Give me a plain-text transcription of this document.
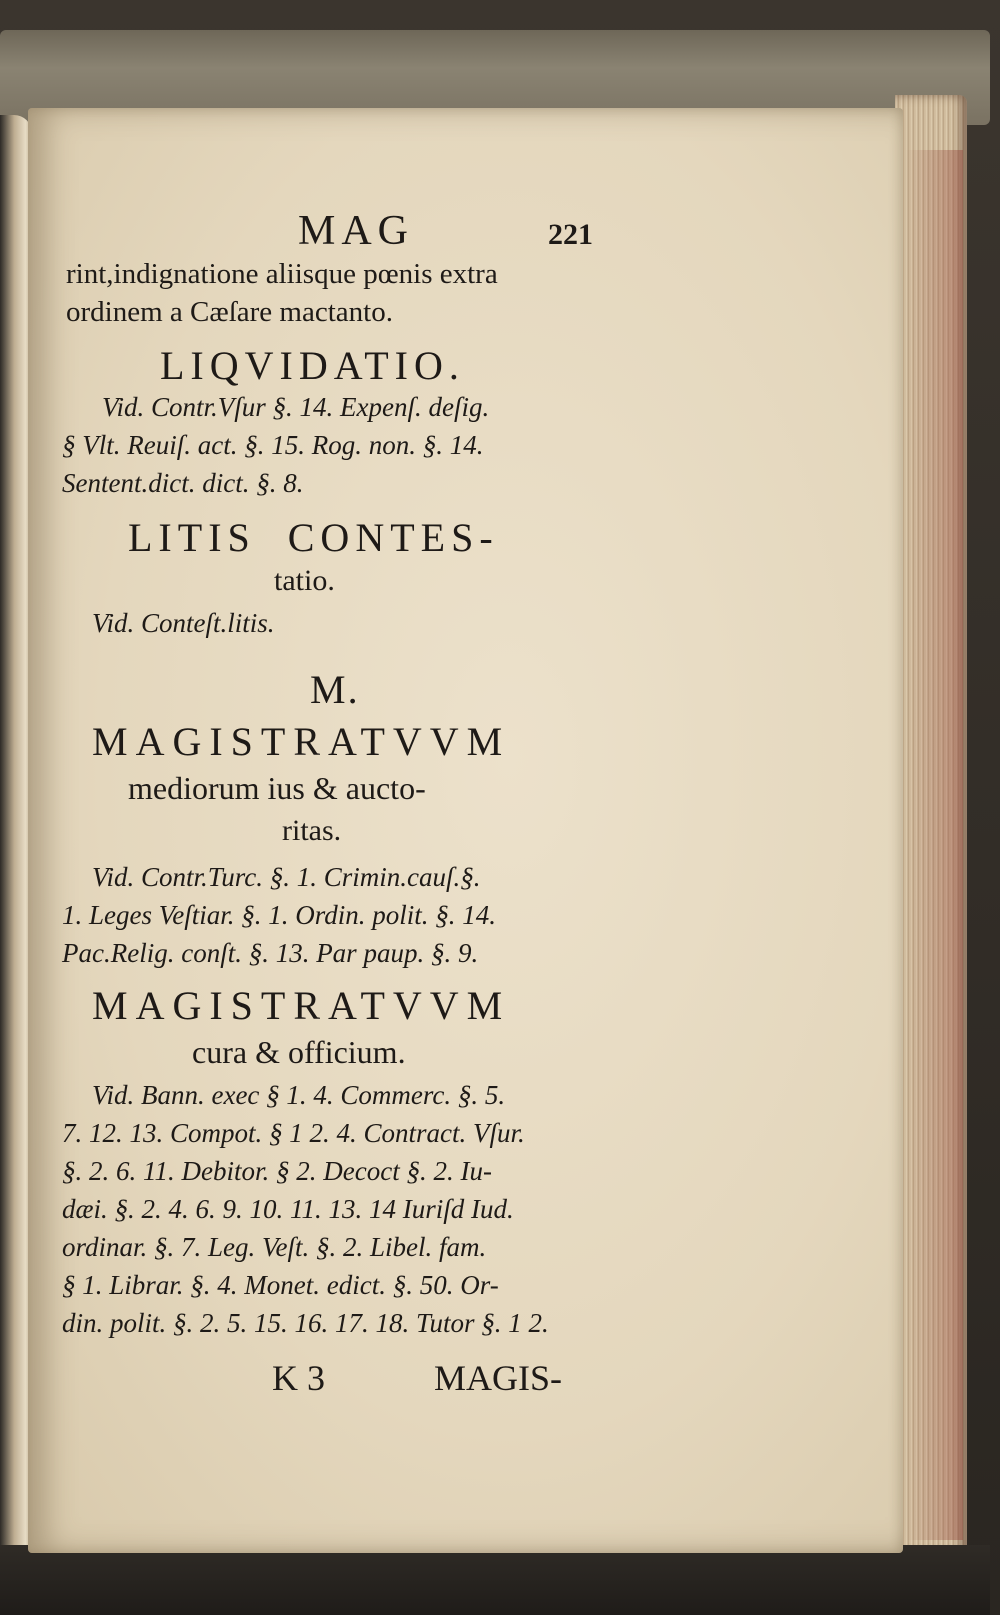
MAG	221
rint,indignatione aliisque pœnis extra
ordinem a Cæſare mactanto.
LIQVIDATIO.
Vid. Contr.Vſur §. 14. Expenſ. deſig.
§ Vlt. Reuiſ. act. §. 15. Rog. non. §. 14.
Sentent.dict. dict. §. 8.
LITIS  CONTES-
tatio.
Vid. Conteſt.litis.
M.
MAGISTRATVVM
mediorum ius & aucto-
ritas.
Vid. Contr.Turc. §. 1. Crimin.cauſ.§.
1. Leges Veſtiar. §. 1. Ordin. polit. §. 14.
Pac.Relig. conſt. §. 13. Par paup. §. 9.
MAGISTRATVVM
cura & officium.
Vid. Bann. exec § 1. 4. Commerc. §. 5.
7. 12. 13. Compot. § 1 2. 4. Contract. Vſur.
§. 2. 6. 11. Debitor. § 2. Decoct §. 2. Iu-
dæi. §. 2. 4. 6. 9. 10. 11. 13. 14 Iuriſd Iud.
ordinar. §. 7. Leg. Veſt. §. 2. Libel. fam.
§ 1. Librar. §. 4. Monet. edict. §. 50. Or-
din. polit. §. 2. 5. 15. 16. 17. 18. Tutor §. 1 2.
K 3	MAGIS-
